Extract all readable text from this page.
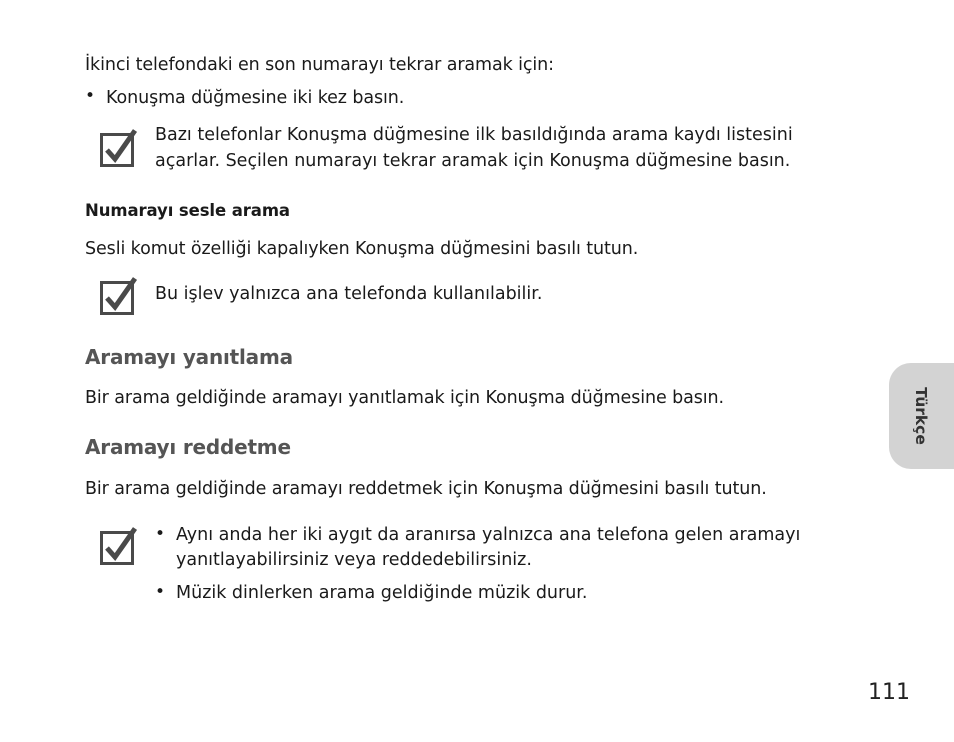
İkinci telefondaki en son numarayı tekrar aramak için:
• Konuşma düğmesine iki kez basın.
Bazı telefonlar Konuşma düğmesine ilk basıldığında arama kaydı listesini
açarlar. Seçilen numarayı tekrar aramak için Konuşma düğmesine basın.
Numarayı sesle arama
Sesli komut özelliği kapalıyken Konuşma düğmesini basılı tutun.
Bu işlev yalnızca ana telefonda kullanılabilir.
Aramayı yanıtlama
Bir arama geldiğinde aramayı yanıtlamak için Konuşma düğmesine basın.
Aramayı reddetme
Bir arama geldiğinde aramayı reddetmek için Konuşma düğmesini basılı tutun.
• Aynı anda her iki aygıt da aranırsa yalnızca ana telefona gelen aramayı
yanıtlayabilirsiniz veya reddedebilirsiniz.
• Müzik dinlerken arama geldiğinde müzik durur.
Türkçe
111
